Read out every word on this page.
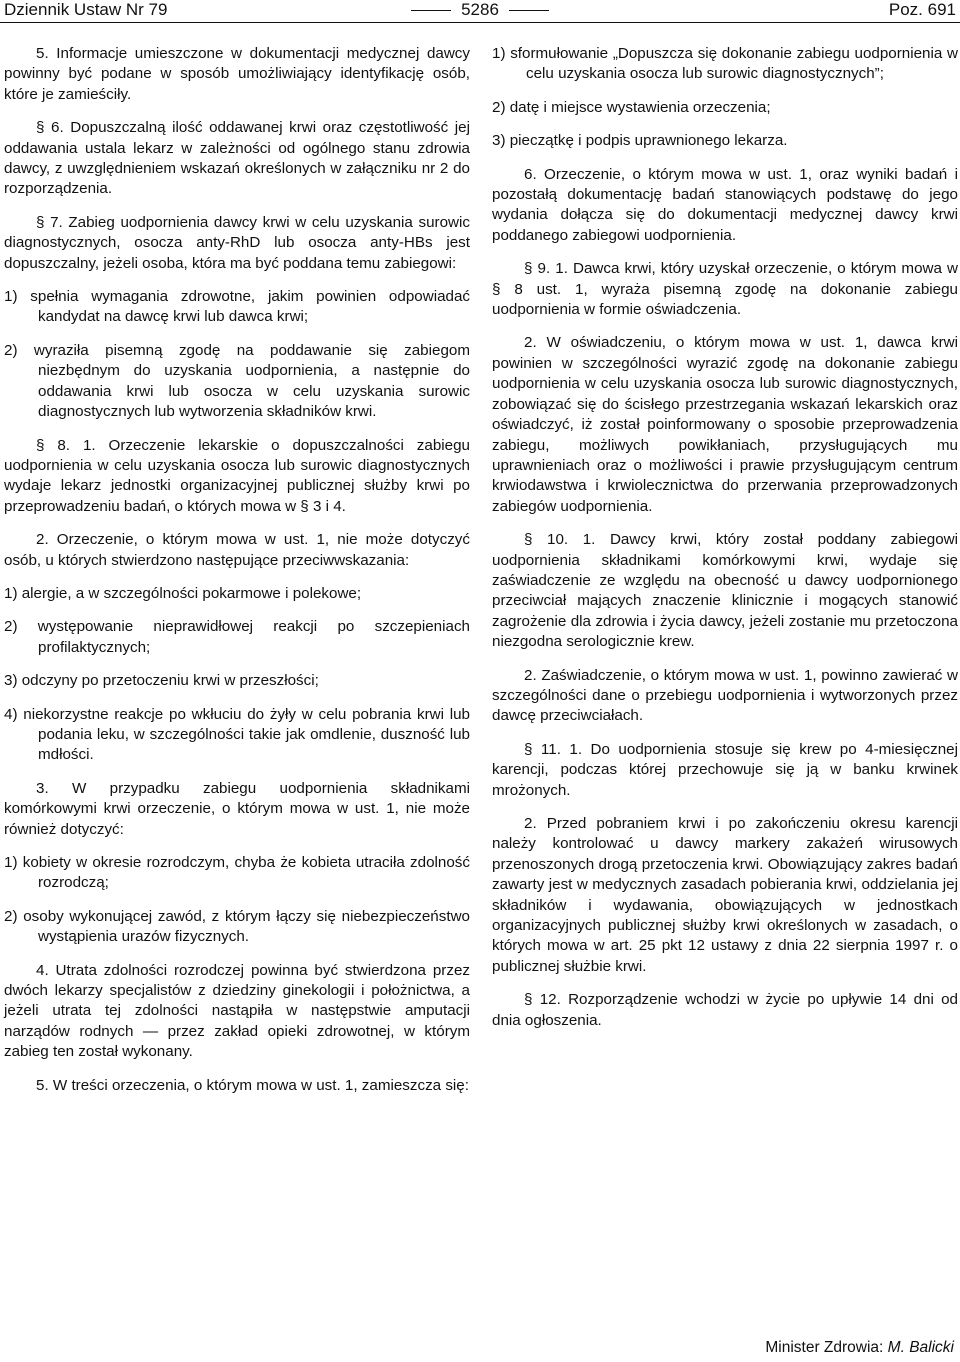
Dziennik Ustaw Nr 79	5286	Poz. 691

5. Informacje umieszczone w dokumentacji medycznej dawcy powinny być podane w sposób umożliwiający identyfikację osób, które je zamieściły.

§ 6. Dopuszczalną ilość oddawanej krwi oraz częstotliwość jej oddawania ustala lekarz w zależności od ogólnego stanu zdrowia dawcy, z uwzględnieniem wskazań określonych w załączniku nr 2 do rozporządzenia.

§ 7. Zabieg uodpornienia dawcy krwi w celu uzyskania surowic diagnostycznych, osocza anty-RhD lub osocza anty-HBs jest dopuszczalny, jeżeli osoba, która ma być poddana temu zabiegowi:

1) spełnia wymagania zdrowotne, jakim powinien odpowiadać kandydat na dawcę krwi lub dawca krwi;

2) wyraziła pisemną zgodę na poddawanie się zabiegom niezbędnym do uzyskania uodpornienia, a następnie do oddawania krwi lub osocza w celu uzyskania surowic diagnostycznych lub wytworzenia składników krwi.

§ 8. 1. Orzeczenie lekarskie o dopuszczalności zabiegu uodpornienia w celu uzyskania osocza lub surowic diagnostycznych wydaje lekarz jednostki organizacyjnej publicznej służby krwi po przeprowadzeniu badań, o których mowa w § 3 i 4.

2. Orzeczenie, o którym mowa w ust. 1, nie może dotyczyć osób, u których stwierdzono następujące przeciwwskazania:

1) alergie, a w szczególności pokarmowe i polekowe;

2) występowanie nieprawidłowej reakcji po szczepieniach profilaktycznych;

3) odczyny po przetoczeniu krwi w przeszłości;

4) niekorzystne reakcje po wkłuciu do żyły w celu pobrania krwi lub podania leku, w szczególności takie jak omdlenie, duszność lub mdłości.

3. W przypadku zabiegu uodpornienia składnikami komórkowymi krwi orzeczenie, o którym mowa w ust. 1, nie może również dotyczyć:

1) kobiety w okresie rozrodczym, chyba że kobieta utraciła zdolność rozrodczą;

2) osoby wykonującej zawód, z którym łączy się niebezpieczeństwo wystąpienia urazów fizycznych.

4. Utrata zdolności rozrodczej powinna być stwierdzona przez dwóch lekarzy specjalistów z dziedziny ginekologii i położnictwa, a jeżeli utrata tej zdolności nastąpiła w następstwie amputacji narządów rodnych — przez zakład opieki zdrowotnej, w którym zabieg ten został wykonany.

5. W treści orzeczenia, o którym mowa w ust. 1, zamieszcza się:

1) sformułowanie „Dopuszcza się dokonanie zabiegu uodpornienia w celu uzyskania osocza lub surowic diagnostycznych”;

2) datę i miejsce wystawienia orzeczenia;

3) pieczątkę i podpis uprawnionego lekarza.

6. Orzeczenie, o którym mowa w ust. 1, oraz wyniki badań i pozostałą dokumentację badań stanowiących podstawę do jego wydania dołącza się do dokumentacji medycznej dawcy krwi poddanego zabiegowi uodpornienia.

§ 9. 1. Dawca krwi, który uzyskał orzeczenie, o którym mowa w § 8 ust. 1, wyraża pisemną zgodę na dokonanie zabiegu uodpornienia w formie oświadczenia.

2. W oświadczeniu, o którym mowa w ust. 1, dawca krwi powinien w szczególności wyrazić zgodę na dokonanie zabiegu uodpornienia w celu uzyskania osocza lub surowic diagnostycznych, zobowiązać się do ścisłego przestrzegania wskazań lekarskich oraz oświadczyć, iż został poinformowany o sposobie przeprowadzenia zabiegu, możliwych powikłaniach, przysługujących mu uprawnieniach oraz o możliwości i prawie przysługującym centrum krwiodawstwa i krwiolecznictwa do przerwania przeprowadzonych zabiegów uodpornienia.

§ 10. 1. Dawcy krwi, który został poddany zabiegowi uodpornienia składnikami komórkowymi krwi, wydaje się zaświadczenie ze względu na obecność u dawcy uodpornionego przeciwciał mających znaczenie klinicznie i mogących stanowić zagrożenie dla zdrowia i życia dawcy, jeżeli zostanie mu przetoczona niezgodna serologicznie krew.

2. Zaświadczenie, o którym mowa w ust. 1, powinno zawierać w szczególności dane o przebiegu uodpornienia i wytworzonych przez dawcę przeciwciałach.

§ 11. 1. Do uodpornienia stosuje się krew po 4-miesięcznej karencji, podczas której przechowuje się ją w banku krwinek mrożonych.

2. Przed pobraniem krwi i po zakończeniu okresu karencji należy kontrolować u dawcy markery zakażeń wirusowych przenoszonych drogą przetoczenia krwi. Obowiązujący zakres badań zawarty jest w medycznych zasadach pobierania krwi, oddzielania jej składników i wydawania, obowiązujących w jednostkach organizacyjnych publicznej służby krwi określonych w zasadach, o których mowa w art. 25 pkt 12 ustawy z dnia 22 sierpnia 1997 r. o publicznej służbie krwi.

§ 12. Rozporządzenie wchodzi w życie po upływie 14 dni od dnia ogłoszenia.

Minister Zdrowia: M. Balicki
